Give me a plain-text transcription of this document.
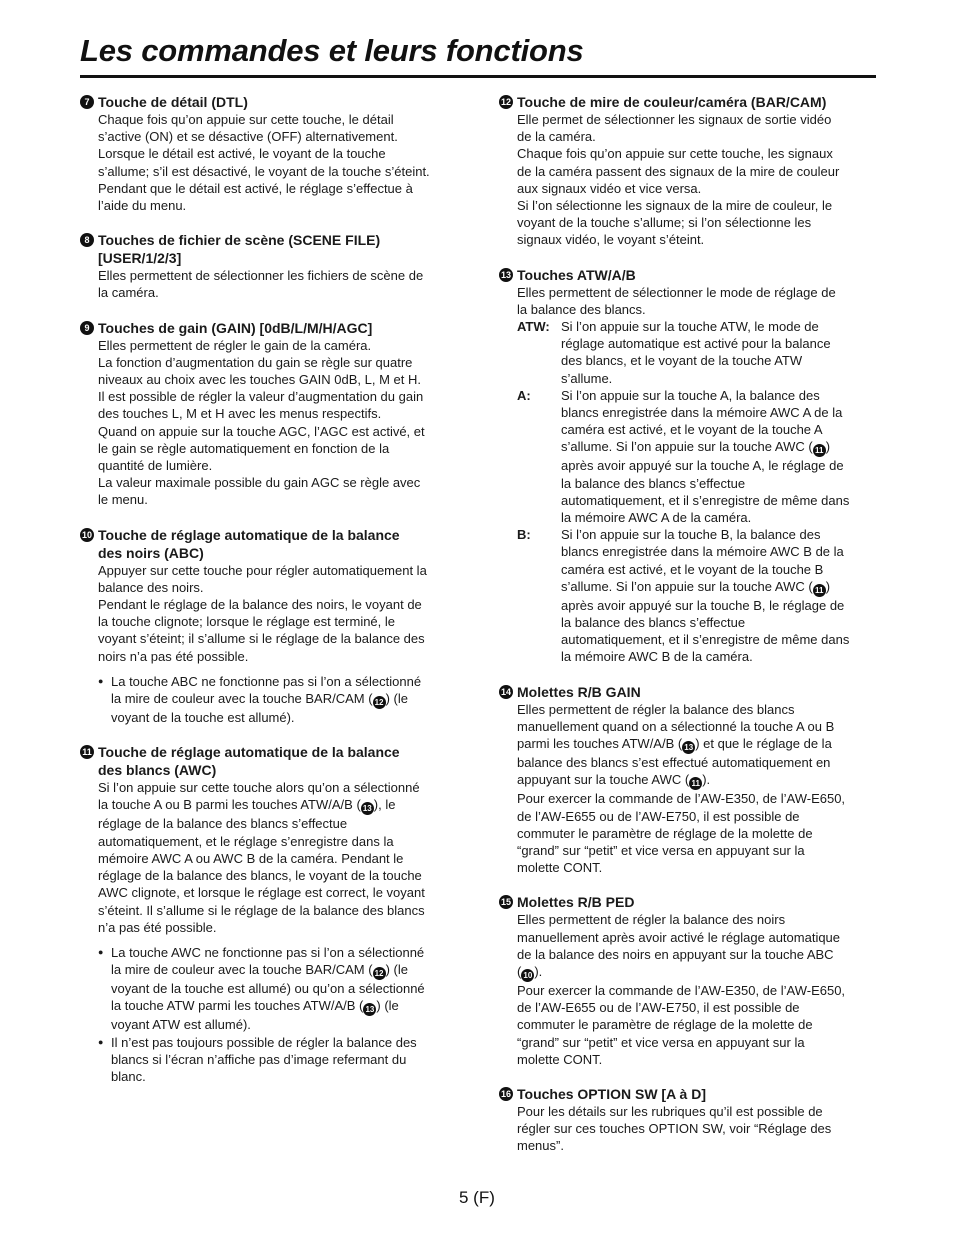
Les commandes et leurs fonctions
7 Touche de détail (DTL)

Chaque fois qu’on appuie sur cette touche, le détail

s’active (ON) et se désactive (OFF) alternativement.

Lorsque le détail est activé, le voyant de la touche

s’allume; s’il est désactivé, le voyant de la touche s’éteint.

Pendant que le détail est activé, le réglage s’effectue à

l’aide du menu.

8 Touches de fichier de scène (SCENE FILE)

[USER/1/2/3]

Elles permettent de sélectionner les fichiers de scène de

la caméra.

9 Touches de gain (GAIN) [0dB/L/M/H/AGC]

Elles permettent de régler le gain de la caméra.

La fonction d’augmentation du gain se règle sur quatre

niveaux au choix avec les touches GAIN 0dB, L, M et H.

Il est possible de régler la valeur d’augmentation du gain

des touches L, M et H avec les menus respectifs.

Quand on appuie sur la touche AGC, l’AGC est activé, et

le gain se règle automatiquement en fonction de la

quantité de lumière.

La valeur maximale possible du gain AGC se règle avec

le menu.

10 Touche de réglage automatique de la balance

des noirs (ABC)

Appuyer sur cette touche pour régler automatiquement la

balance des noirs.

Pendant le réglage de la balance des noirs, le voyant de

la touche clignote; lorsque le réglage est terminé, le

voyant s’éteint; il s’allume si le réglage de la balance des

noirs n’a pas été possible.

● La touche ABC ne fonctionne pas si l’on a sélectionné
la mire de couleur avec la touche BAR/CAM ( 12 ) (le
voyant de la touche est allumé).
11 Touche de réglage automatique de la balance

des blancs (AWC)

Si l’on appuie sur cette touche alors qu’on a sélectionné

la touche A ou B parmi les touches ATW/A/B ( 13 ), le

réglage de la balance des blancs s’effectue

automatiquement, et le réglage s’enregistre dans la

mémoire AWC A ou AWC B de la caméra. Pendant le

réglage de la balance des blancs, le voyant de la touche

AWC clignote, et lorsque le réglage est correct, le voyant

s’éteint. Il s’allume si le réglage de la balance des blancs

n’a pas été possible.

● La touche AWC ne fonctionne pas si l’on a sélectionné
la mire de couleur avec la touche BAR/CAM ( 12 ) (le
voyant de la touche est allumé) ou qu’on a sélectionné
la touche ATW parmi les touches ATW/A/B ( 13 ) (le
voyant ATW est allumé).
● Il n’est pas toujours possible de régler la balance des
blancs si l’écran n’affiche pas d’image refermant du
blanc.
12 Touche de mire de couleur/caméra (BAR/CAM)

Elle permet de sélectionner les signaux de sortie vidéo

de la caméra.

Chaque fois qu’on appuie sur cette touche, les signaux

de la caméra passent des signaux de la mire de couleur

aux signaux vidéo et vice versa.

Si l’on sélectionne les signaux de la mire de couleur, le

voyant de la touche s’allume; si l’on sélectionne les

signaux vidéo, le voyant s’éteint.

13 Touches ATW/A/B

Elles permettent de sélectionner le mode de réglage de

la balance des blancs.

ATW: Si l’on appuie sur la touche ATW, le mode de
réglage automatique est activé pour la balance
des blancs, et le voyant de la touche ATW
s’allume.
A:	Si l’on appuie sur la touche A, la balance des
blancs enregistrée dans la mémoire AWC A de la
caméra est activé, et le voyant de la touche A
s’allume. Si l’on appuie sur la touche AWC ( 11 )
après avoir appuyé sur la touche A, le réglage de
la balance des blancs s’effectue
automatiquement, et il s’enregistre de même dans
la mémoire AWC A de la caméra.
B:	Si l’on appuie sur la touche B, la balance des
blancs enregistrée dans la mémoire AWC B de la
caméra est activé, et le voyant de la touche B
s’allume. Si l’on appuie sur la touche AWC ( 11 )
après avoir appuyé sur la touche B, le réglage de
la balance des blancs s’effectue
automatiquement, et il s’enregistre de même dans
la mémoire AWC B de la caméra.
14 Molettes R/B GAIN

Elles permettent de régler la balance des blancs

manuellement quand on a sélectionné la touche A ou B

parmi les touches ATW/A/B ( 13 ) et que le réglage de la

balance des blancs s’est effectué automatiquement en

appuyant sur la touche AWC ( 11 ).

Pour exercer la commande de l’AW-E350, de l’AW-E650,

de l’AW-E655 ou de l’AW-E750, il est possible de

commuter le paramètre de réglage de la molette de

“grand” sur “petit” et vice versa en appuyant sur la

molette CONT.

15 Molettes R/B PED

Elles permettent de régler la balance des noirs

manuellement après avoir activé le réglage automatique

de la balance des noirs en appuyant sur la touche ABC

( 10 ).

Pour exercer la commande de l’AW-E350, de l’AW-E650,

de l’AW-E655 ou de l’AW-E750, il est possible de

commuter le paramètre de réglage de la molette de

“grand” sur “petit” et vice versa en appuyant sur la

molette CONT.

16 Touches OPTION SW [A à D]

Pour les détails sur les rubriques qu’il est possible de

régler sur ces touches OPTION SW, voir “Réglage des

menus”.

5 (F)
